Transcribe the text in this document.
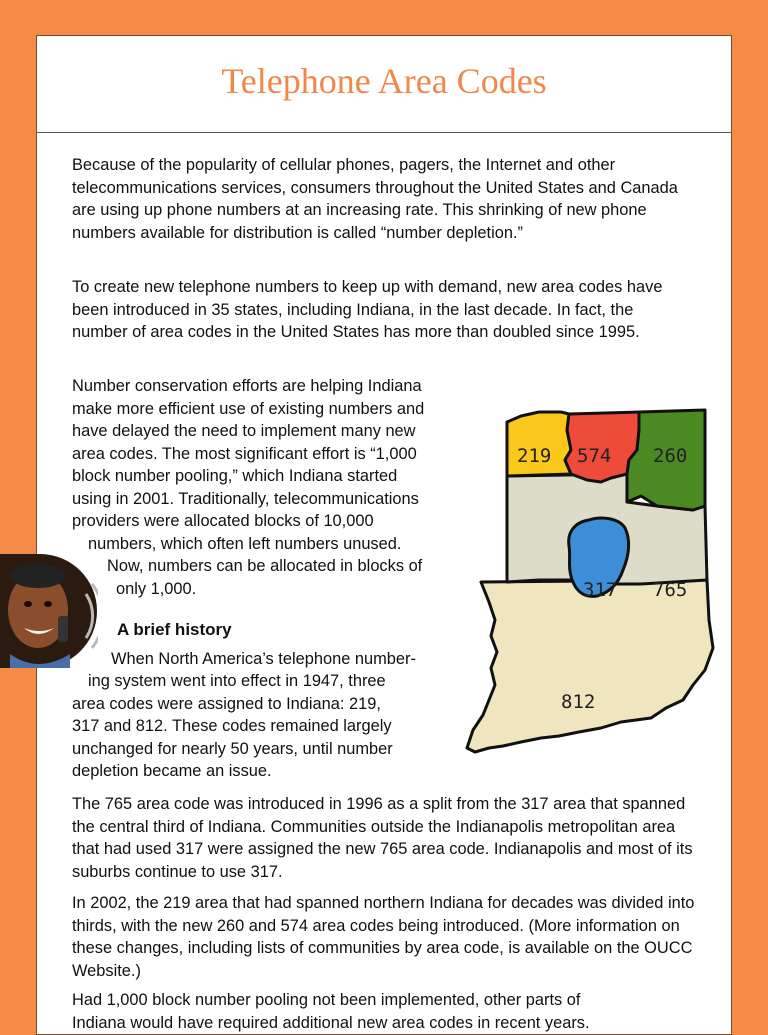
Telephone Area Codes

Because of the popularity of cellular phones, pagers, the Internet and other telecommunications services, consumers throughout the United States and Canada are using up phone numbers at an increasing rate. This shrinking of new phone numbers available for distribution is called “number depletion.”

To create new telephone numbers to keep up with demand, new area codes have been introduced in 35 states, including Indiana, in the last decade. In fact, the number of area codes in the United States has more than doubled since 1995.

Number conservation efforts are helping Indiana
make more efficient use of existing numbers and
have delayed the need to implement many new
area codes. The most significant effort is “1,000
block number pooling,” which Indiana started
using in 2001. Traditionally, telecommunications
providers were allocated blocks of 10,000
numbers, which often left numbers unused.
Now, numbers can be allocated in blocks of
only 1,000.
A brief history
When North America’s telephone number-
ing system went into effect in 1947, three
area codes were assigned to Indiana: 219,
317 and 812. These codes remained largely
unchanged for nearly 50 years, until number
depletion became an issue.

The 765 area code was introduced in 1996 as a split from the 317 area that spanned the central third of Indiana. Communities outside the Indianapolis metropolitan area that had used 317 were assigned the new 765 area code. Indianapolis and most of its suburbs continue to use 317.

In 2002, the 219 area that had spanned northern Indiana for decades was divided into thirds, with the new 260 and 574 area codes being introduced. (More information on these changes, including lists of communities by area code, is available on the OUCC Website.)

Had 1,000 block number pooling not been implemented, other parts of
Indiana would have required additional new area codes in recent years.
219 574 260
317 765
812
